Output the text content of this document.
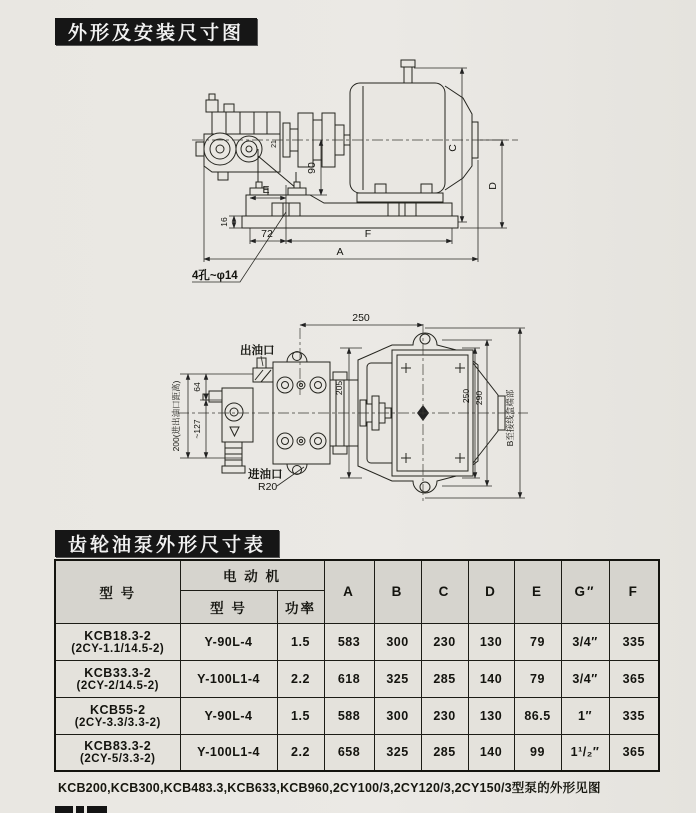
外形及安装尺寸图
C
D
90
21
E
16
72	F
A
4孔~φ14
250
出油口
200(进出油口距离) 64
~127
进油口
R20
205
250 290 B至接线盒端部
齿轮油泵外形尺寸表
型 号	电 动 机		A	B	C	D	E	G″	F
	型 号	功率							

KCB18.3-2
(2CY-1.1/14.5-2)	Y-90L-4	1.5	583	300	230	130	79	3/4″	335

KCB33.3-2
(2CY-2/14.5-2)	Y-100L1-4	2.2	618	325	285	140	79	3/4″	365

KCB55-2
(2CY-3.3/3.3-2)	Y-90L-4	1.5	588	300	230	130	86.5	1″	335

KCB83.3-2
(2CY-5/3.3-2)	Y-100L1-4	2.2	658	325	285	140	99	1¹/₂″	365
KCB200,KCB300,KCB483.3,KCB633,KCB960,2CY100/3,2CY120/3,2CY150/3型泵的外形见图
